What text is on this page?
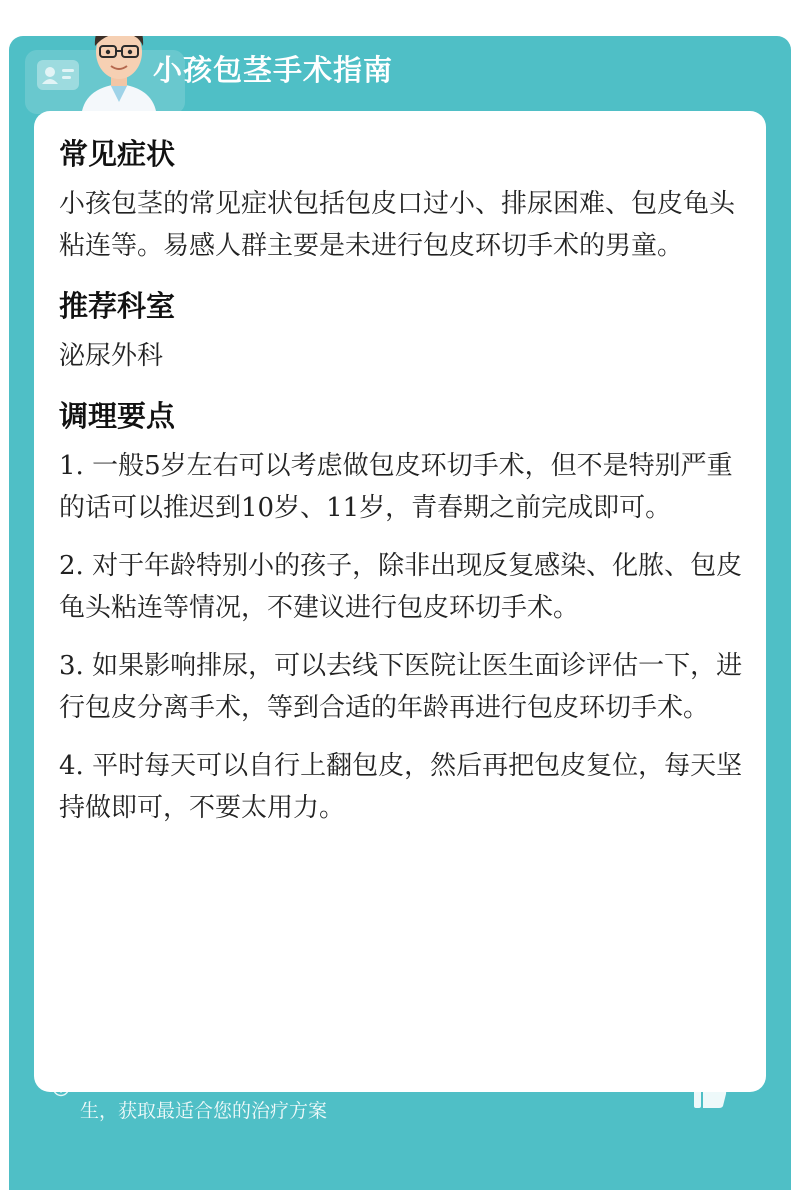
小孩包茎手术指南
常见症状

小孩包茎的常见症状包括包皮口过小、排尿困难、包皮龟头粘连等。易感人群主要是未进行包皮环切手术的男童。

推荐科室

泌尿外科

调理要点

1. 一般5岁左右可以考虑做包皮环切手术，但不是特别严重的话可以推迟到10岁、11岁，青春期之前完成即可。

2. 对于年龄特别小的孩子，除非出现反复感染、化脓、包皮龟头粘连等情况，不建议进行包皮环切手术。

3. 如果影响排尿，可以去线下医院让医生面诊评估一下，进行包皮分离手术，等到合适的年龄再进行包皮环切手术。

4. 平时每天可以自行上翻包皮，然后再把包皮复位，每天坚持做即可，不要太用力。

京东互联网医院提醒您：内容仅供参考，如有相关疾病，请咨询专业医生，获取最适合您的治疗方案
